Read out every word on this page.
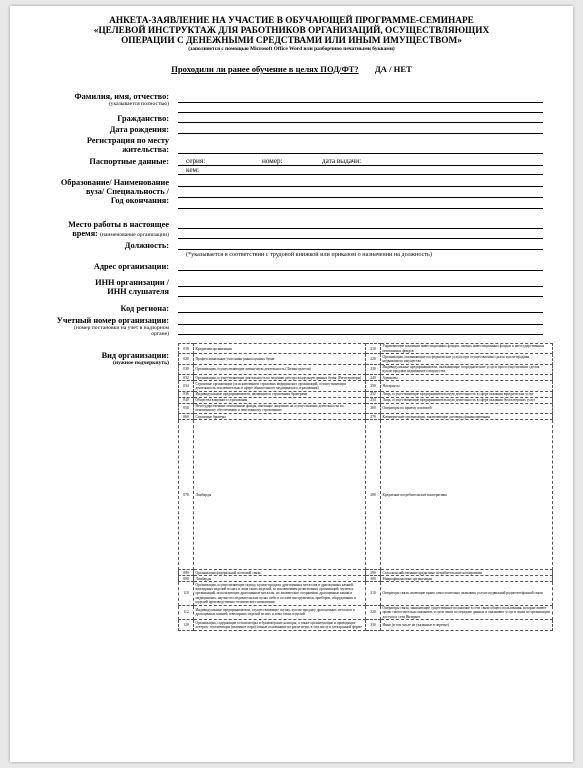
АНКЕТА-ЗАЯВЛЕНИЕ НА УЧАСТИЕ В ОБУЧАЮЩЕЙ ПРОГРАММЕ-СЕМИНАРЕ
«ЦЕЛЕВОЙ ИНСТРУКТАЖ ДЛЯ РАБОТНИКОВ ОРГАНИЗАЦИЙ, ОСУЩЕСТВЛЯЮЩИХ
ОПЕРАЦИИ С ДЕНЕЖНЫМИ СРЕДСТВАМИ ИЛИ ИНЫМ ИМУЩЕСТВОМ»
(заполняется с помощью Microsoft Office Word или разборчиво печатными буквами)
Проходили ли ранее обучение в целях ПОД/ФТ? ДА / НЕТ
Фамилия, имя, отчество:
(указывается полностью)
Гражданство:
Дата рождения:
Регистрация по месту
жительства:
Паспортные данные: серия:	номер:	дата выдачи:
кем:
Образование/ Наименование
вуза/ Специальность /
Год окончания:
Место работы в настоящее
время: (наименование организации)
Должность:
(*указывается в соответствии с трудовой книжкой или приказом о назначении на должность)
Адрес организации:
ИНН организации /
ИНН слушателя
Код региона:
Учетный номер организации:
(номер постановки на учет в надзорном
органе)
Вид организации:
(нужное подчеркнуть)
010	Кредитная организация	210	Управляющие компании инвестиционных фондов, паевых инвестиционных фондов и негосударственных пенсионных фондов
020	Профессиональные участники рынка ценных бумаг	220	Организации, оказывающие посреднические услуги при осуществлении сделок купли-продажи недвижимого имущества
030	Организации, осуществляющие лизинговую деятельность (Лизингодатели)	230	Индивидуальные предприниматели, оказывающие посреднические услуги при осуществлении сделок купли-продажи недвижимого имущества
032	Организации, осуществляющие деятельность по ведению реестра владельцев ценных бумаг (Регистраторы)	240	Адвокаты
034	Страховые организации (за исключением страховых медицинских организаций, осуществляющих деятельность исключительно в сфере обязательного медицинского страхования)	250	Нотариусы
036	Индивидуальные предприниматели, являющиеся страховыми брокерами	252	Лица, осуществляющие предпринимательскую деятельность в сфере оказания юридических услуг
040	Общества взаимного страхования	254	Лица, осуществляющие предпринимательскую деятельность в сфере оказания бухгалтерских услуг
050	Негосударственные пенсионные фонды, имеющие лицензию на осуществление деятельности по пенсионному обеспечению и пенсионному страхованию	260	Операторы по приему платежей
060	Страховые брокеры	270	Коммерческие организации, заключающие договоры финансирования
070	Ломбарды	280	Кредитные потребительские кооперативы
080	Организации федеральной почтовой связи	290	Сельскохозяйственные кредитные потребительские кооперативы
090	Ломбарды	300	Микрофинансовые организации
110	Организации, осуществляющие скупку, куплю-продажу драгоценных металлов и драгоценных камней, ювелирных изделий из них и лома таких изделий, за исключением религиозных организаций, музеев и организаций, использующих драгоценные металлы, их химические соединения, драгоценные камни в медицинских, научно-исследовательских целях либо в составе инструментов, приборов, оборудования и изделий производственно-технического назначения	310	Операторы связи, имеющие право самостоятельно оказывать услуги подвижной радиотелефонной связи
112	Индивидуальные предприниматели, осуществляющие скупку, куплю-продажу драгоценных металлов и драгоценных камней, ювелирных изделий из них и лома таких изделий	320	Операторы связи, занимающие существенное положение в сети связи общего пользования, которые имеют право самостоятельно оказывать услуги связи по передаче данных и оказывают услуги связи по организации доступа к сети Интернет
120	Организации, содержащие тотализаторы и букмекерские конторы, а также организующие и проводящие лотереи, тотализаторы (взаимное пари) и иные основанные на риске игры, в том числе в электронной форме	330	Иные (в том числе не указанные в перечне)
